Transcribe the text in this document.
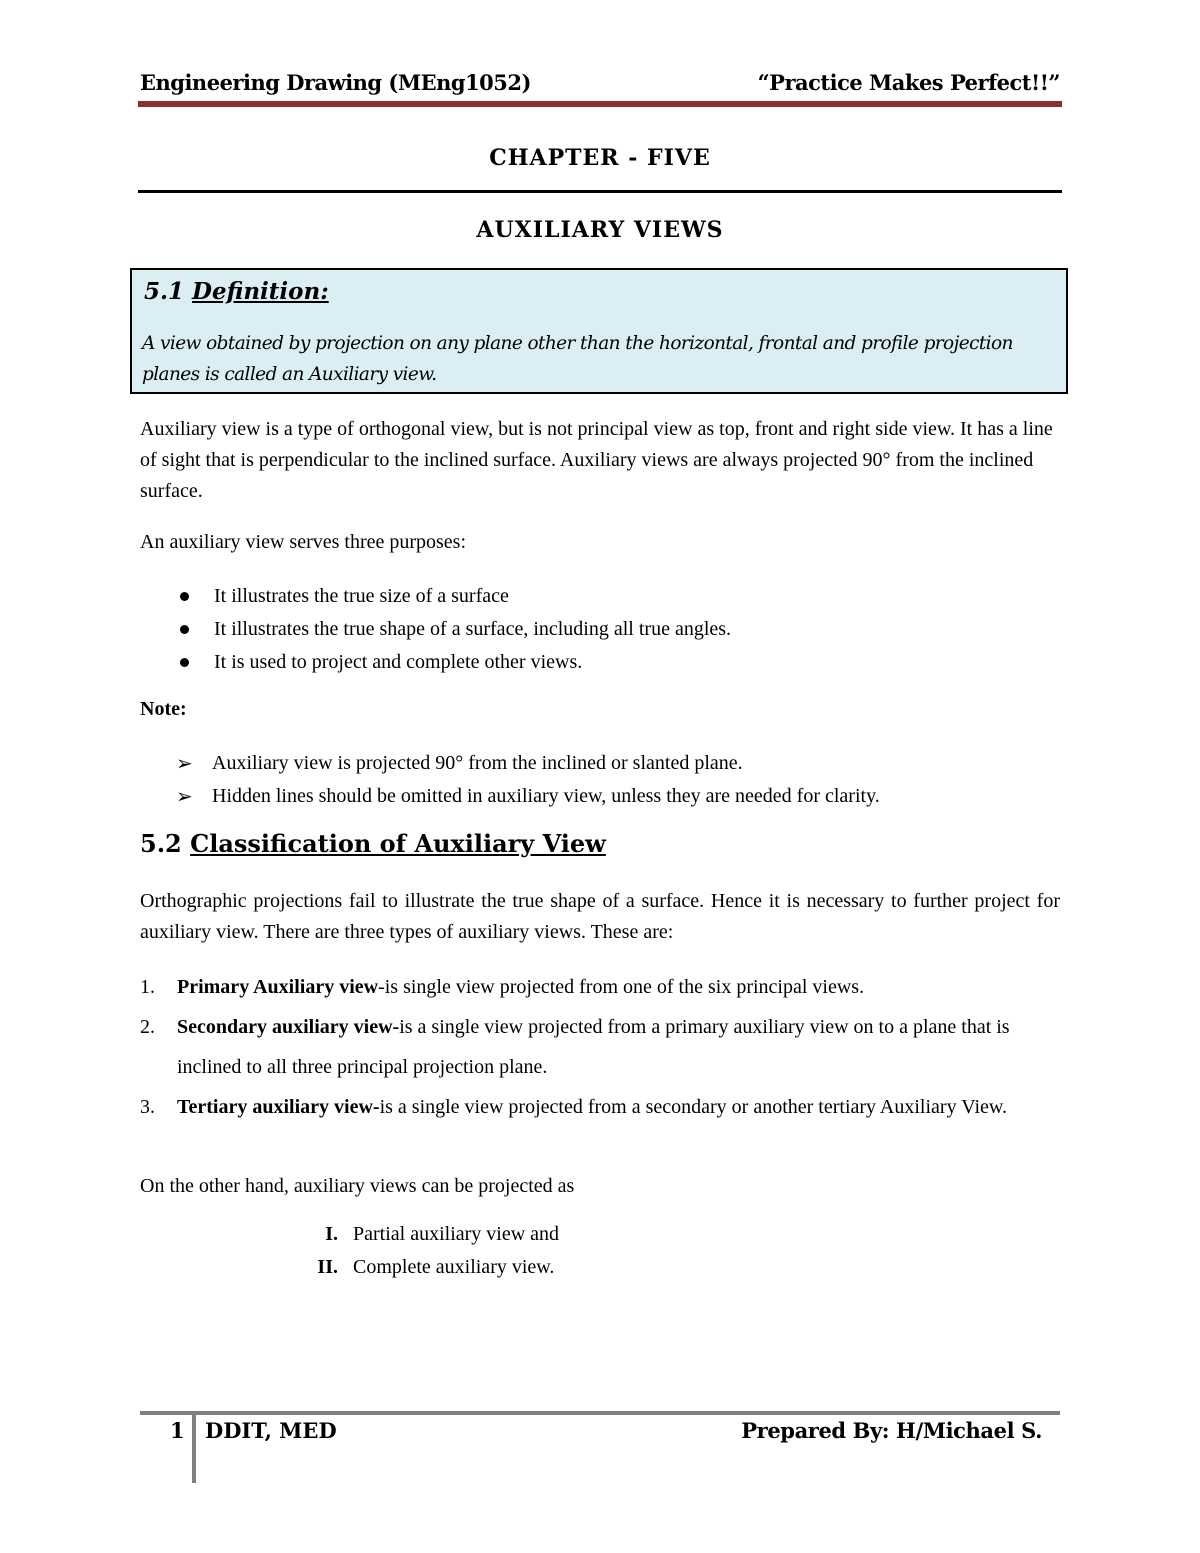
Engineering Drawing (MEng1052)	“Practice Makes Perfect!!”
CHAPTER - FIVE
AUXILIARY VIEWS
5.1 Definition:
A view obtained by projection on any plane other than the horizontal, frontal and profile projection planes is called an Auxiliary view.
Auxiliary view is a type of orthogonal view, but is not principal view as top, front and right side view. It has a line of sight that is perpendicular to the inclined surface. Auxiliary views are always projected 90° from the inclined surface.
An auxiliary view serves three purposes:
It illustrates the true size of a surface
It illustrates the true shape of a surface, including all true angles.
It is used to project and complete other views.
Note:
➢ Auxiliary view is projected 90° from the inclined or slanted plane.
➢ Hidden lines should be omitted in auxiliary view, unless they are needed for clarity.
5.2 Classification of Auxiliary View
Orthographic projections fail to illustrate the true shape of a surface. Hence it is necessary to further project for auxiliary view. There are three types of auxiliary views. These are:
1. Primary Auxiliary view-is single view projected from one of the six principal views.
2. Secondary auxiliary view-is a single view projected from a primary auxiliary view on to a plane that is inclined to all three principal projection plane.
3. Tertiary auxiliary view-is a single view projected from a secondary or another tertiary Auxiliary View.
On the other hand, auxiliary views can be projected as
I. Partial auxiliary view and
II. Complete auxiliary view.
1 DDIT, MED	Prepared By: H/Michael S.
